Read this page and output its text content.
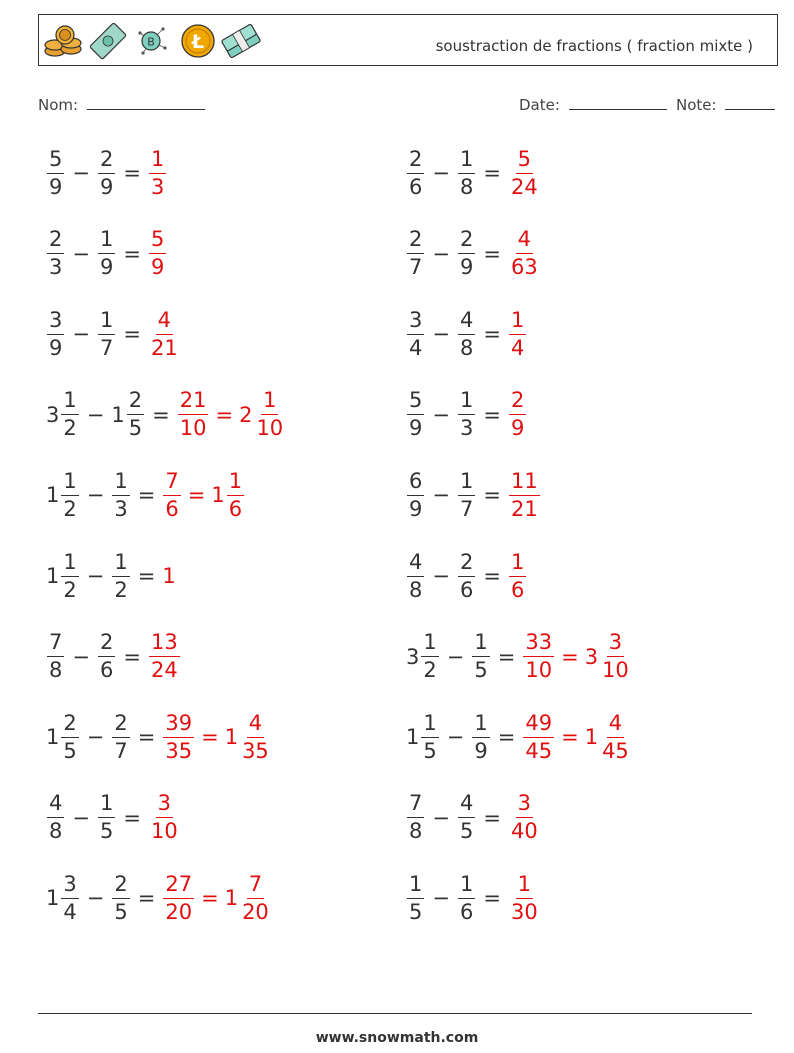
B Ł	soustraction de fractions ( fraction mixte )
Nom:	Date:	Note:
$\frac{5}{9} - \frac{2}{9} = \frac{1}{3}$	$\frac{2}{6} - \frac{1}{8} = \frac{5}{24}$
$\frac{2}{3} - \frac{1}{9} = \frac{5}{9}$	$\frac{2}{7} - \frac{2}{9} = \frac{4}{63}$
$\frac{3}{9} - \frac{1}{7} = \frac{4}{21}$	$\frac{3}{4} - \frac{4}{8} = \frac{1}{4}$
$3 \frac{1}{2} - 1 \frac{2}{5} = \frac{21}{10} = 2 \frac{1}{10}$	$\frac{5}{9} - \frac{1}{3} = \frac{2}{9}$
$1 \frac{1}{2} - \frac{1}{3} = \frac{7}{6} = 1 \frac{1}{6}$	$\frac{6}{9} - \frac{1}{7} = \frac{11}{21}$
$1 \frac{1}{2} - \frac{1}{2} = 1$	$\frac{4}{8} - \frac{2}{6} = \frac{1}{6}$
$\frac{7}{8} - \frac{2}{6} = \frac{13}{24}$	$3 \frac{1}{2} - \frac{1}{5} = \frac{33}{10} = 3 \frac{3}{10}$
$1 \frac{2}{5} - \frac{2}{7} = \frac{39}{35} = 1 \frac{4}{35}$	$1 \frac{1}{5} - \frac{1}{9} = \frac{49}{45} = 1 \frac{4}{45}$
$\frac{4}{8} - \frac{1}{5} = \frac{3}{10}$	$\frac{7}{8} - \frac{4}{5} = \frac{3}{40}$
$1 \frac{3}{4} - \frac{2}{5} = \frac{27}{20} = 1 \frac{7}{20}$	$\frac{1}{5} - \frac{1}{6} = \frac{1}{30}$
www.snowmath.com
